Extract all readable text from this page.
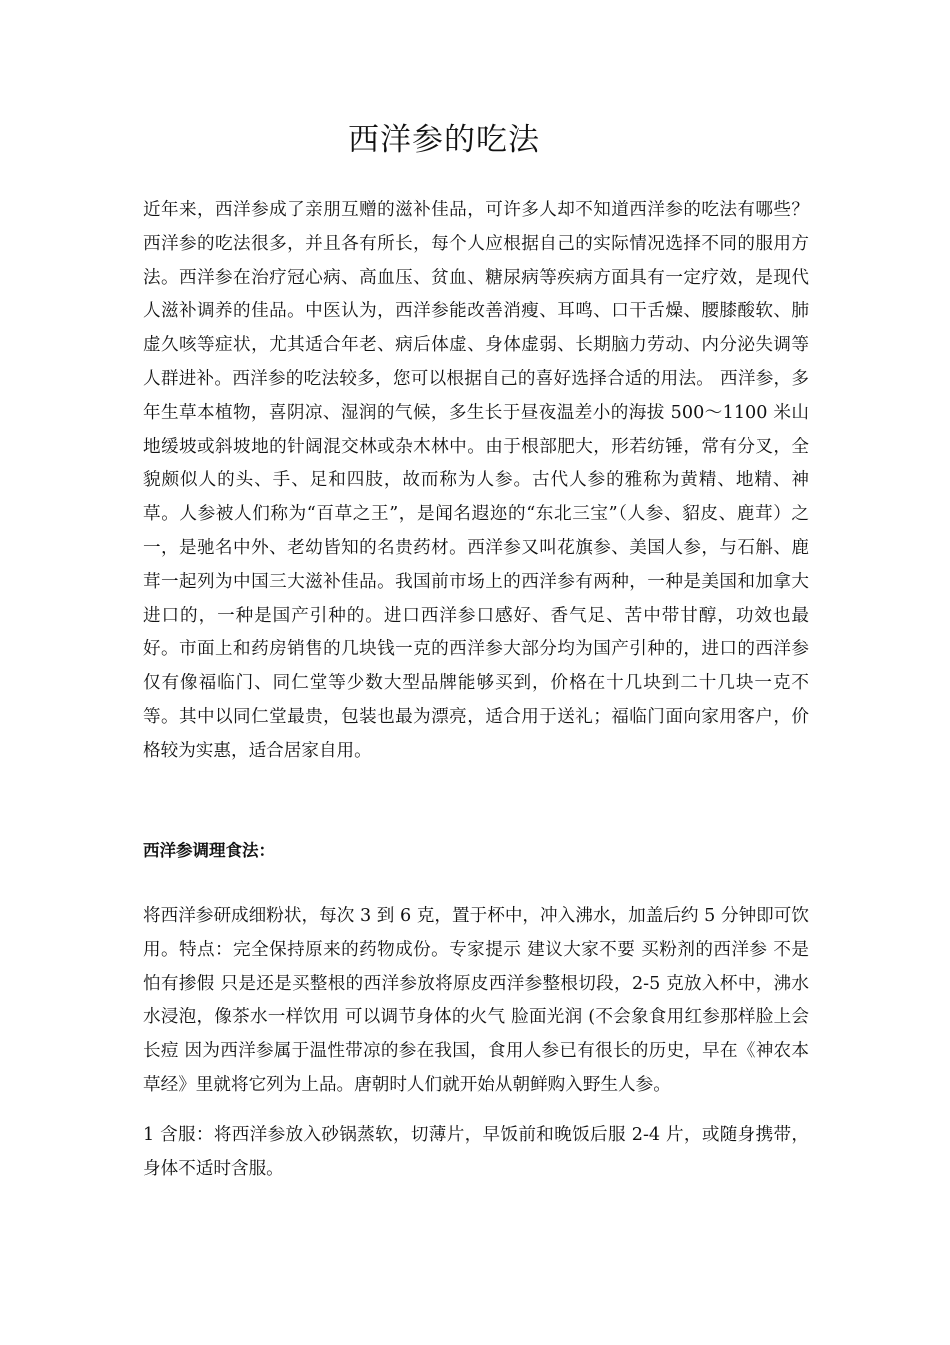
西洋参的吃法

近年来，西洋参成了亲朋互赠的滋补佳品，可许多人却不知道西洋参的吃法有哪些？西洋参的吃法很多，并且各有所长，每个人应根据自己的实际情况选择不同的服用方法。西洋参在治疗冠心病、高血压、贫血、糖尿病等疾病方面具有一定疗效，是现代人滋补调养的佳品。中医认为，西洋参能改善消瘦、耳鸣、口干舌燥、腰膝酸软、肺虚久咳等症状，尤其适合年老、病后体虚、身体虚弱、长期脑力劳动、内分泌失调等人群进补。西洋参的吃法较多，您可以根据自己的喜好选择合适的用法。 西洋参，多年生草本植物，喜阴凉、湿润的气候，多生长于昼夜温差小的海拔 500～1100 米山地缓坡或斜坡地的针阔混交林或杂木林中。由于根部肥大，形若纺锤，常有分叉，全貌颇似人的头、手、足和四肢，故而称为人参。古代人参的雅称为黄精、地精、神草。人参被人们称为“百草之王”，是闻名遐迩的“东北三宝”（人参、貂皮、鹿茸）之一，是驰名中外、老幼皆知的名贵药材。西洋参又叫花旗参、美国人参，与石斛、鹿茸一起列为中国三大滋补佳品。我国前市场上的西洋参有两种，一种是美国和加拿大进口的，一种是国产引种的。进口西洋参口感好、香气足、苦中带甘醇，功效也最好。市面上和药房销售的几块钱一克的西洋参大部分均为国产引种的，进口的西洋参仅有像福临门、同仁堂等少数大型品牌能够买到，价格在十几块到二十几块一克不等。其中以同仁堂最贵，包装也最为漂亮，适合用于送礼；福临门面向家用客户，价格较为实惠，适合居家自用。

西洋参调理食法：

将西洋参研成细粉状，每次 3 到 6 克，置于杯中，冲入沸水，加盖后约 5 分钟即可饮用。特点：完全保持原来的药物成份。专家提示 建议大家不要 买粉剂的西洋参 不是怕有掺假 只是还是买整根的西洋参放将原皮西洋参整根切段，2-5 克放入杯中，沸水水浸泡，像茶水一样饮用 可以调节身体的火气 脸面光润 (不会象食用红参那样脸上会长痘 因为西洋参属于温性带凉的参在我国，食用人参已有很长的历史，早在《神农本草经》里就将它列为上品。唐朝时人们就开始从朝鲜购入野生人参。

1 含服：将西洋参放入砂锅蒸软，切薄片，早饭前和晚饭后服 2-4 片，或随身携带，身体不适时含服。
